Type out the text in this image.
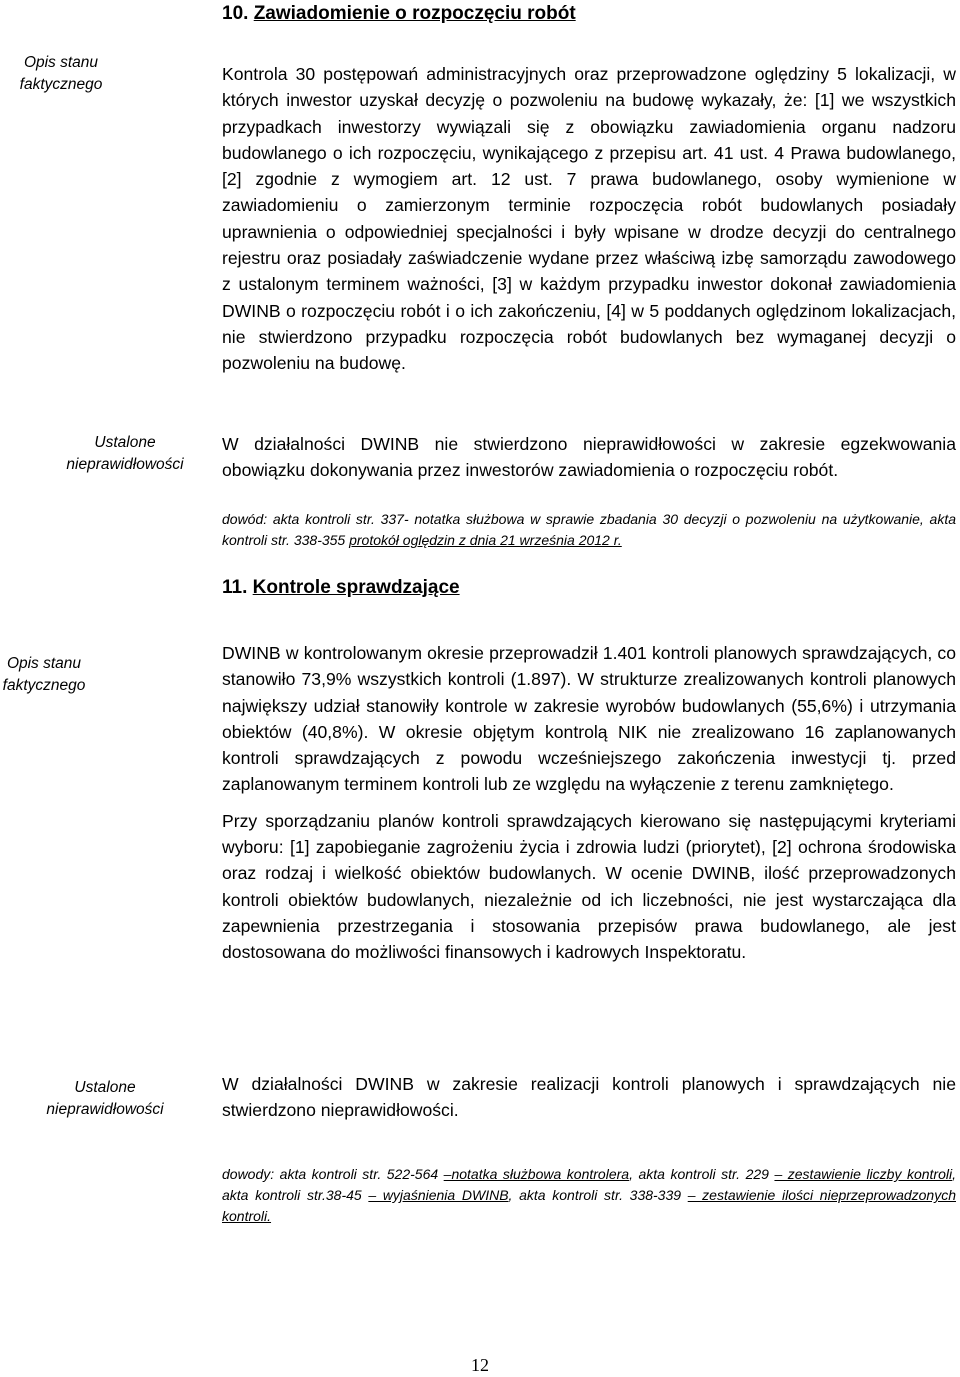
10. Zawiadomienie o rozpoczęciu robót
Opis stanu
faktycznego

Kontrola 30 postępowań administracyjnych oraz przeprowadzone oględziny 5 lokalizacji, w których inwestor uzyskał decyzję o pozwoleniu na budowę wykazały, że: [1] we wszystkich przypadkach inwestorzy wywiązali się z obowiązku zawiadomienia organu nadzoru budowlanego o ich rozpoczęciu, wynikającego z przepisu art. 41 ust. 4 Prawa budowlanego, [2] zgodnie z wymogiem art. 12 ust. 7 prawa budowlanego, osoby wymienione w zawiadomieniu o zamierzonym terminie rozpoczęcia robót budowlanych posiadały uprawnienia o odpowiedniej specjalności i były wpisane w drodze decyzji do centralnego rejestru oraz posiadały zaświadczenie wydane przez właściwą izbę samorządu zawodowego z ustalonym terminem ważności, [3] w każdym przypadku inwestor dokonał zawiadomienia DWINB o rozpoczęciu robót i o ich zakończeniu, [4] w 5 poddanych oględzinom lokalizacjach, nie stwierdzono przypadku rozpoczęcia robót budowlanych bez wymaganej decyzji o pozwoleniu na budowę.

Ustalone
nieprawidłowości

W działalności DWINB nie stwierdzono nieprawidłowości w zakresie egzekwowania obowiązku dokonywania przez inwestorów zawiadomienia o rozpoczęciu robót.

dowód: akta kontroli str. 337- notatka służbowa w sprawie zbadania 30 decyzji o pozwoleniu na użytkowanie, akta kontroli str. 338-355 protokół oględzin z dnia 21 września 2012 r.
11. Kontrole sprawdzające
Opis stanu
faktycznego

DWINB w kontrolowanym okresie przeprowadził 1.401 kontroli planowych sprawdzających, co stanowiło 73,9% wszystkich kontroli (1.897). W strukturze zrealizowanych kontroli planowych największy udział stanowiły kontrole w zakresie wyrobów budowlanych (55,6%) i utrzymania obiektów (40,8%). W okresie objętym kontrolą NIK nie zrealizowano 16 zaplanowanych kontroli sprawdzających z powodu wcześniejszego zakończenia inwestycji tj. przed zaplanowanym terminem kontroli lub ze względu na wyłączenie z terenu zamkniętego.

Przy sporządzaniu planów kontroli sprawdzających kierowano się następującymi kryteriami wyboru: [1] zapobieganie zagrożeniu życia i zdrowia ludzi (priorytet), [2] ochrona środowiska oraz rodzaj i wielkość obiektów budowlanych. W ocenie DWINB, ilość przeprowadzonych kontroli obiektów budowlanych, niezależnie od ich liczebności, nie jest wystarczająca dla zapewnienia przestrzegania i stosowania przepisów prawa budowlanego, ale jest dostosowana do możliwości finansowych i kadrowych Inspektoratu.

Ustalone
nieprawidłowości

W działalności DWINB w zakresie realizacji kontroli planowych i sprawdzających nie stwierdzono nieprawidłowości.

dowody: akta kontroli str. 522-564 –notatka służbowa kontrolera, akta kontroli str. 229 – zestawienie liczby kontroli, akta kontroli str.38-45 – wyjaśnienia DWINB, akta kontroli str. 338-339 – zestawienie ilości nieprzeprowadzonych kontroli.
12
